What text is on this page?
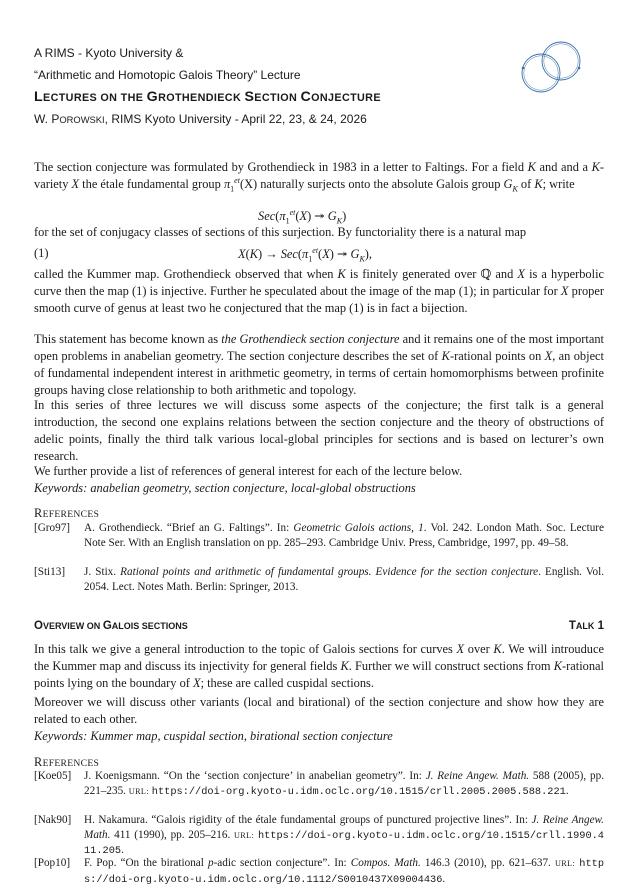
A RIMS - Kyoto University &
“Arithmetic and Homotopic Galois Theory” Lecture
LECTURES ON THE GROTHENDIECK SECTION CONJECTURE
W. POROWSKI, RIMS Kyoto University - April 22, 23, & 24, 2026
The section conjecture was formulated by Grothendieck in 1983 in a letter to Faltings. For a field K and and a K-variety X the étale fundamental group $\pi_1^{et}(X)$ naturally surjects onto the absolute Galois group $G_K$ of K; write
$Sec(\pi_1^{et}(X)$ ↠ $G_K$)
for the set of conjugacy classes of sections of this surjection. By functoriality there is a natural map
(1)	$X(K) \to Sec(\pi_1^{et}(X)$ ↠ $G_K$),
called the Kummer map. Grothendieck observed that when K is finitely generated over ℚ and X is a hyperbolic curve then the map (1) is injective. Further he speculated about the image of the map (1); in particular for X proper smooth curve of genus at least two he conjectured that the map (1) is in fact a bijection.
This statement has become known as the Grothendieck section conjecture and it remains one of the most important open problems in anabelian geometry. The section conjecture describes the set of K-rational points on X, an object of fundamental independent interest in arithmetic geometry, in terms of certain homomorphisms between profinite groups having close relationship to both arithmetic and topology.
In this series of three lectures we will discuss some aspects of the conjecture; the first talk is a general introduction, the second one explains relations between the section conjecture and the theory of obstructions of adelic points, finally the third talk various local-global principles for sections and is based on lecturer’s own research.
We further provide a list of references of general interest for each of the lecture below.
Keywords: anabelian geometry, section conjecture, local-global obstructions
REFERENCES
[Gro97] A. Grothendieck. “Brief an G. Faltings”. In: Geometric Galois actions, 1. Vol. 242. London Math. Soc. Lecture Note Ser. With an English translation on pp. 285–293. Cambridge Univ. Press, Cambridge, 1997, pp. 49–58.
[Sti13] J. Stix. Rational points and arithmetic of fundamental groups. Evidence for the section conjecture. English. Vol. 2054. Lect. Notes Math. Berlin: Springer, 2013.
OVERVIEW ON GALOIS SECTIONS	TALK 1
In this talk we give a general introduction to the topic of Galois sections for curves X over K. We will introuduce the Kummer map and discuss its injectivity for general fields K. Further we will construct sections from K-rational points lying on the boundary of X; these are called cuspidal sections.
Moreover we will discuss other variants (local and birational) of the section conjecture and show how they are related to each other.
Keywords: Kummer map, cuspidal section, birational section conjecture
REFERENCES
[Koe05] J. Koenigsmann. “On the ‘section conjecture’ in anabelian geometry”. In: J. Reine Angew. Math. 588 (2005), pp. 221–235. URL: https://doi-org.kyoto-u.idm.oclc.org/10.1515/crll.2005.2005.588.221.
[Nak90] H. Nakamura. “Galois rigidity of the étale fundamental groups of punctured projective lines”. In: J. Reine Angew. Math. 411 (1990), pp. 205–216. URL: https://doi-org.kyoto-u.idm.oclc.org/10.1515/crll.1990.411.205.
[Pop10] F. Pop. “On the birational p-adic section conjecture”. In: Compos. Math. 146.3 (2010), pp. 621–637. URL: https://doi-org.kyoto-u.idm.oclc.org/10.1112/S0010437X09004436.
